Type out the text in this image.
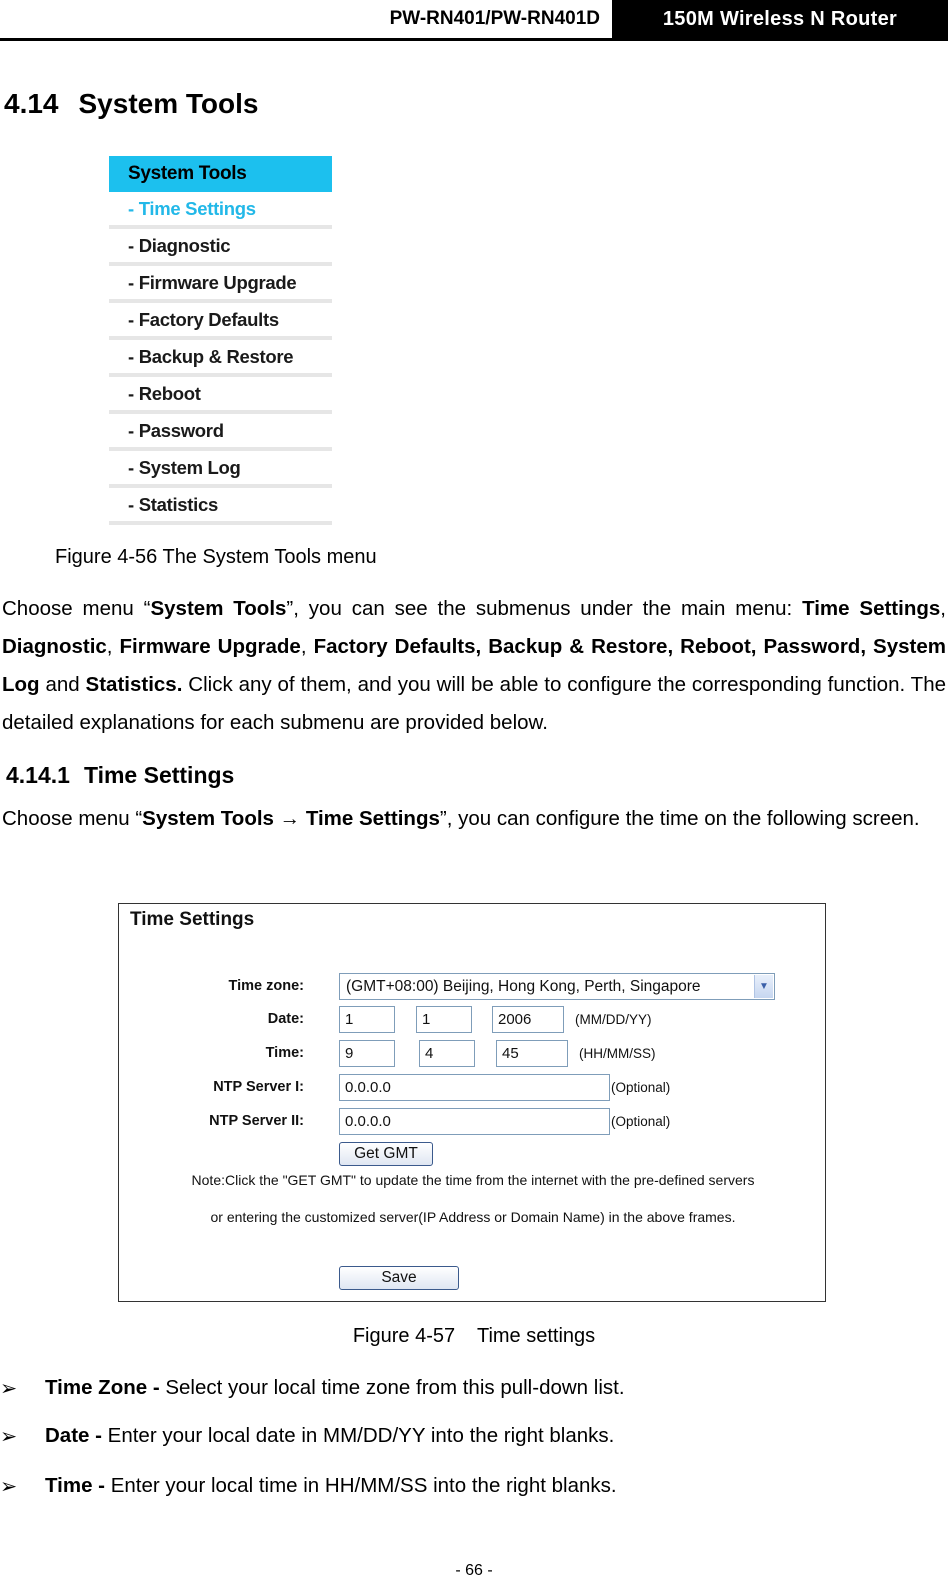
PW-RN401/PW-RN401D	150M Wireless N Router
4.14 System Tools
System Tools
- Time Settings
- Diagnostic
- Firmware Upgrade
- Factory Defaults
- Backup & Restore
- Reboot
- Password
- System Log
- Statistics
Figure 4-56 The System Tools menu
Choose menu “System Tools”, you can see the submenus under the main menu: Time Settings, Diagnostic, Firmware Upgrade, Factory Defaults, Backup & Restore, Reboot, Password, System Log and Statistics. Click any of them, and you will be able to configure the corresponding function. The detailed explanations for each submenu are provided below.
4.14.1 Time Settings
Choose menu “System Tools → Time Settings”, you can configure the time on the following screen.
Time Settings
Time zone:	(GMT+08:00) Beijing, Hong Kong, Perth, Singapore	▼
Date:	1	1	2006	(MM/DD/YY)
Time:	9	4	45	(HH/MM/SS)
NTP Server I:	0.0.0.0	(Optional)
NTP Server II:	0.0.0.0	(Optional)
Get GMT
Note:Click the "GET GMT" to update the time from the internet with the pre-defined servers
or entering the customized server(IP Address or Domain Name) in the above frames.
Save
Figure 4-57    Time settings
➢ Time Zone - Select your local time zone from this pull-down list.
➢ Date - Enter your local date in MM/DD/YY into the right blanks.
➢ Time - Enter your local time in HH/MM/SS into the right blanks.
- 66 -
